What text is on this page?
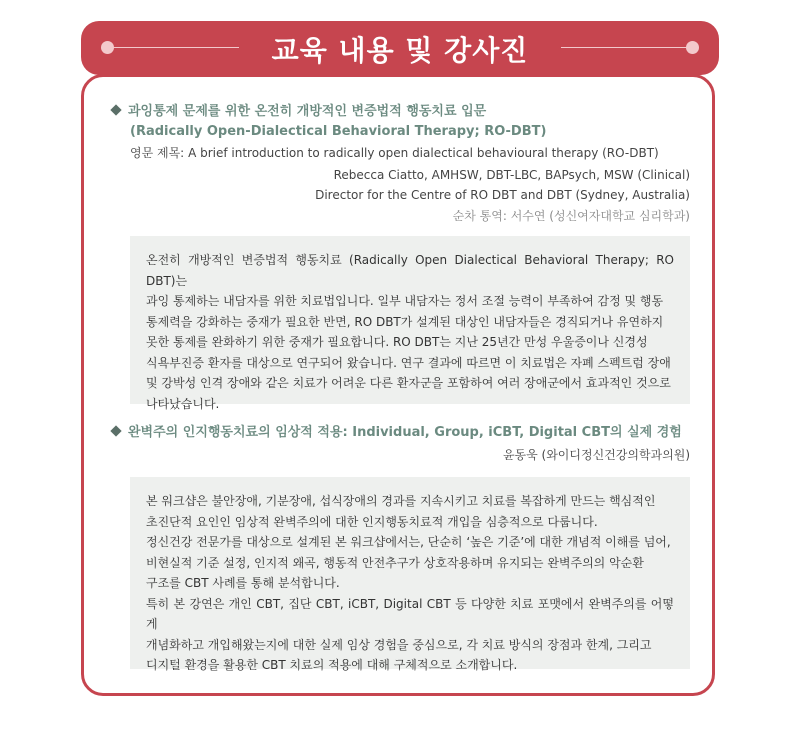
교육 내용 및 강사진
과잉통제 문제를 위한 온전히 개방적인 변증법적 행동치료 입문
(Radically Open-Dialectical Behavioral Therapy; RO-DBT)
영문 제목: A brief introduction to radically open dialectical behavioural therapy (RO-DBT)
Rebecca Ciatto, AMHSW, DBT-LBC, BAPsych, MSW (Clinical)
Director for the Centre of RO DBT and DBT (Sydney, Australia)
순차 통역: 서수연 (성신여자대학교 심리학과)

온전히 개방적인 변증법적 행동치료 (Radically Open Dialectical Behavioral Therapy; RO DBT)는

과잉 통제하는 내담자를 위한 치료법입니다. 일부 내담자는 정서 조절 능력이 부족하여 감정 및 행동

통제력을 강화하는 중재가 필요한 반면, RO DBT가 설계된 대상인 내담자들은 경직되거나 유연하지

못한 통제를 완화하기 위한 중재가 필요합니다. RO DBT는 지난 25년간 만성 우울증이나 신경성

식욕부진증 환자를 대상으로 연구되어 왔습니다. 연구 결과에 따르면 이 치료법은 자폐 스펙트럼 장애

및 강박성 인격 장애와 같은 치료가 어려운 다른 환자군을 포함하여 여러 장애군에서 효과적인 것으로

나타났습니다.

완벽주의 인지행동치료의 임상적 적용: Individual, Group, iCBT, Digital CBT의 실제 경험
윤동욱 (와이디정신건강의학과의원)

본 워크샵은 불안장애, 기분장애, 섭식장애의 경과를 지속시키고 치료를 복잡하게 만드는 핵심적인

초진단적 요인인 임상적 완벽주의에 대한 인지행동치료적 개입을 심층적으로 다룹니다.

정신건강 전문가를 대상으로 설계된 본 워크샵에서는, 단순히 ‘높은 기준’에 대한 개념적 이해를 넘어,

비현실적 기준 설정, 인지적 왜곡, 행동적 안전추구가 상호작용하며 유지되는 완벽주의의 악순환

구조를 CBT 사례를 통해 분석합니다.

특히 본 강연은 개인 CBT, 집단 CBT, iCBT, Digital CBT 등 다양한 치료 포맷에서 완벽주의를 어떻게

개념화하고 개입해왔는지에 대한 실제 임상 경험을 중심으로, 각 치료 방식의 장점과 한계, 그리고

디지털 환경을 활용한 CBT 치료의 적용에 대해 구체적으로 소개합니다.
